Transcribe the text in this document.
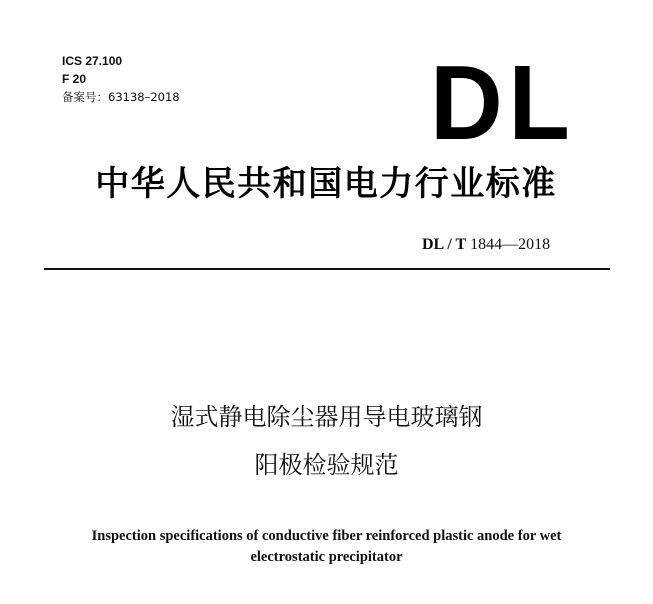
ICS 27.100
F 20
备案号：63138–2018 DL
中华人民共和国电力行业标准
DL / T 1844—2018
湿式静电除尘器用导电玻璃钢
阳极检验规范
Inspection specifications of conductive fiber reinforced plastic anode for wet
electrostatic precipitator
